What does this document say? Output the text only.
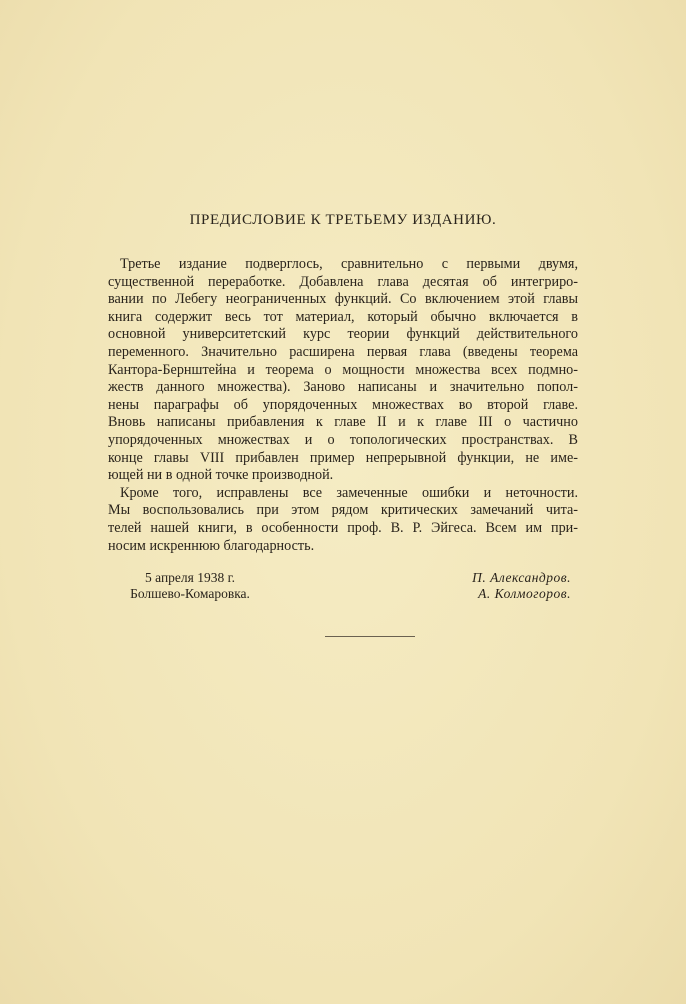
ПРЕДИСЛОВИЕ К ТРЕТЬЕМУ ИЗДАНИЮ.
Третье издание подверглось, сравнительно с первыми двумя,
существенной переработке. Добавлена глава десятая об интегриро-
вании по Лебегу неограниченных функций. Со включением этой главы
книга содержит весь тот материал, который обычно включается в
основной университетский курс теории функций действительного
переменного. Значительно расширена первая глава (введены теорема
Кантора-Бернштейна и теорема о мощности множества всех подмно-
жеств данного множества). Заново написаны и значительно попол-
нены параграфы об упорядоченных множествах во второй главе.
Вновь написаны прибавления к главе II и к главе III о частично
упорядоченных множествах и о топологических пространствах. В
конце главы VIII прибавлен пример непрерывной функции, не име-
ющей ни в одной точке производной.
Кроме того, исправлены все замеченные ошибки и неточности.
Мы воспользовались при этом рядом критических замечаний чита-
телей нашей книги, в особенности проф. В. Р. Эйгеса. Всем им при-
носим искреннюю благодарность.
5 апреля 1938 г.
Болшево-Комаровка.
П. Александров.
А. Колмогоров.
